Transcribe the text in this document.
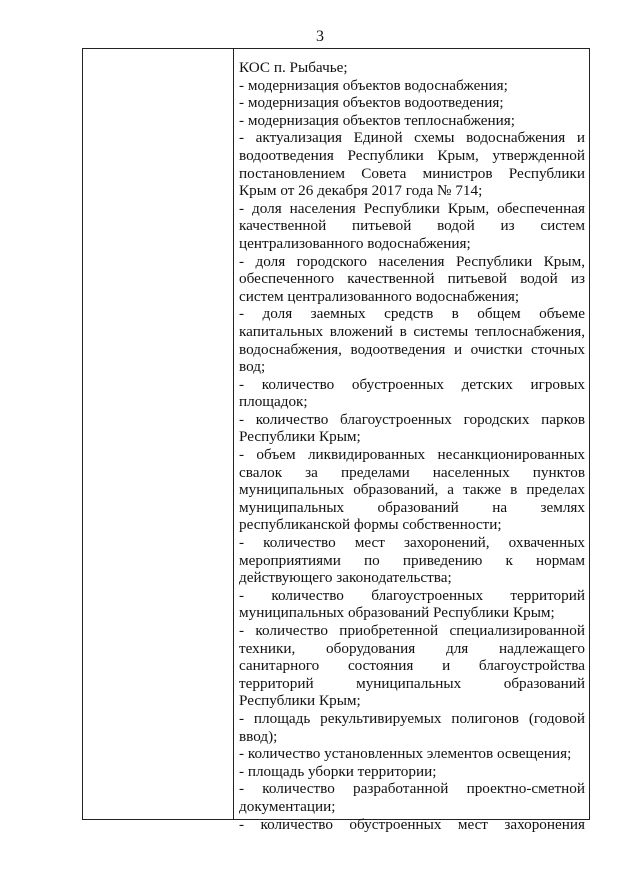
3
КОС п. Рыбачье;
- модернизация объектов водоснабжения;
- модернизация объектов водоотведения;
- модернизация объектов теплоснабжения;
- актуализация Единой схемы водоснабжения и
водоотведения Республики Крым, утвержденной
постановлением Совета министров Республики
Крым от 26 декабря 2017 года № 714;
- доля населения Республики Крым, обеспеченная
качественной питьевой водой из систем
централизованного водоснабжения;
- доля городского населения Республики Крым,
обеспеченного качественной питьевой водой из
систем централизованного водоснабжения;
- доля заемных средств в общем объеме
капитальных вложений в системы теплоснабжения,
водоснабжения, водоотведения и очистки сточных
вод;
- количество обустроенных детских игровых
площадок;
- количество благоустроенных городских парков
Республики Крым;
- объем ликвидированных несанкционированных
свалок за пределами населенных пунктов
муниципальных образований, а также в пределах
муниципальных образований на землях
республиканской формы собственности;
- количество мест захоронений, охваченных
мероприятиями по приведению к нормам
действующего законодательства;
- количество благоустроенных территорий
муниципальных образований Республики Крым;
- количество приобретенной специализированной
техники, оборудования для надлежащего
санитарного состояния и благоустройства
территорий муниципальных образований
Республики Крым;
- площадь рекультивируемых полигонов (годовой
ввод);
- количество установленных элементов освещения;
- площадь уборки территории;
- количество разработанной проектно-сметной
документации;
- количество обустроенных мест захоронения
